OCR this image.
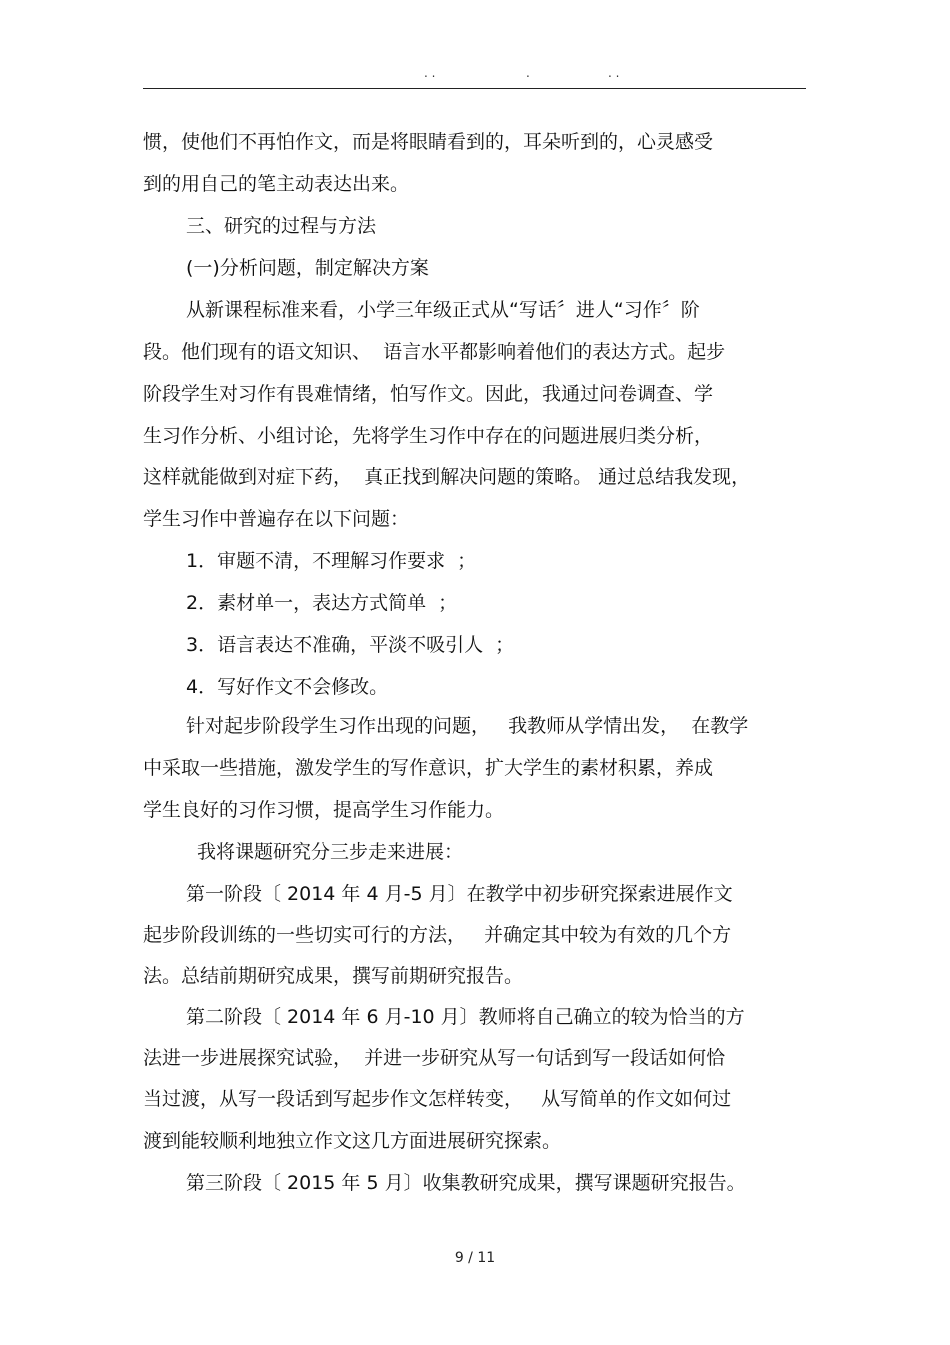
. .	.	. .
惯，使他们不再怕作文，而是将眼睛看到的，耳朵听到的，心灵感受
到的用自己的笔主动表达出来。
三、研究的过程与方法
(一)分析问题，制定解决方案
从新课程标准来看，小学三年级正式从“写话〞进人“习作〞阶
段。他们现有的语文知识、  语言水平都影响着他们的表达方式。起步
阶段学生对习作有畏难情绪，怕写作文。因此，我通过问卷调查、学
生习作分析、小组讨论，先将学生习作中存在的问题进展归类分析，
这样就能做到对症下药，  真正找到解决问题的策略。 通过总结我发现，
学生习作中普遍存在以下问题：
1．审题不清，不理解习作要求  ；
2．素材单一，表达方式简单  ；
3．语言表达不准确，平淡不吸引人  ；
4．写好作文不会修改。
针对起步阶段学生习作出现的问题，   我教师从学情出发，  在教学
中采取一些措施，激发学生的写作意识，扩大学生的素材积累，养成
学生良好的习作习惯，提高学生习作能力。
我将课题研究分三步走来进展：
第一阶段〔 2014 年 4 月-5 月〕在教学中初步研究探索进展作文
起步阶段训练的一些切实可行的方法，   并确定其中较为有效的几个方
法。总结前期研究成果，撰写前期研究报告。
第二阶段〔 2014 年 6 月-10 月〕教师将自己确立的较为恰当的方
法进一步进展探究试验，  并进一步研究从写一句话到写一段话如何恰
当过渡，从写一段话到写起步作文怎样转变，   从写简单的作文如何过
渡到能较顺利地独立作文这几方面进展研究探索。
第三阶段〔 2015 年 5 月〕收集教研究成果，撰写课题研究报告。
9 / 11
